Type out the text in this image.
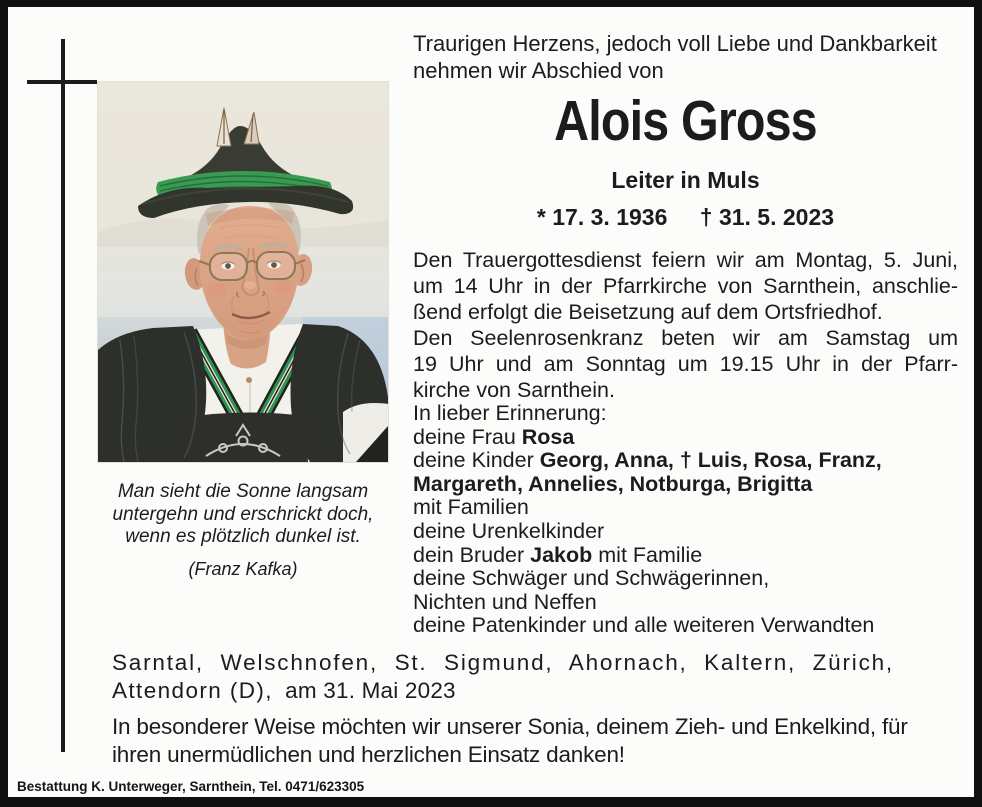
Man sieht die Sonne langsam
untergehn und erschrickt doch,
wenn es plötzlich dunkel ist.
(Franz Kafka)
Traurigen Herzens, jedoch voll Liebe und Dankbarkeit
nehmen wir Abschied von
Alois Gross
Leiter in Muls
* 17. 3. 1936 † 31. 5. 2023
Den Trauergottesdienst feiern wir am Montag, 5. Juni,
um 14 Uhr in der Pfarrkirche von Sarnthein, anschlie-
ßend erfolgt die Beisetzung auf dem Ortsfriedhof.
Den Seelenrosenkranz beten wir am Samstag um
19 Uhr und am Sonntag um 19.15 Uhr in der Pfarr-
kirche von Sarnthein.
In lieber Erinnerung:
deine Frau Rosa
deine Kinder Georg, Anna, † Luis, Rosa, Franz,
Margareth, Annelies, Notburga, Brigitta
mit Familien
deine Urenkelkinder
dein Bruder Jakob mit Familie
deine Schwäger und Schwägerinnen,
Nichten und Neffen
deine Patenkinder und alle weiteren Verwandten
Sarntal, Welschnofen, St. Sigmund, Ahornach, Kaltern, Zürich,
Attendorn (D), am 31. Mai 2023
In besonderer Weise möchten wir unserer Sonia, deinem Zieh- und Enkelkind, für
ihren unermüdlichen und herzlichen Einsatz danken!
Bestattung K. Unterweger, Sarnthein, Tel. 0471/623305
